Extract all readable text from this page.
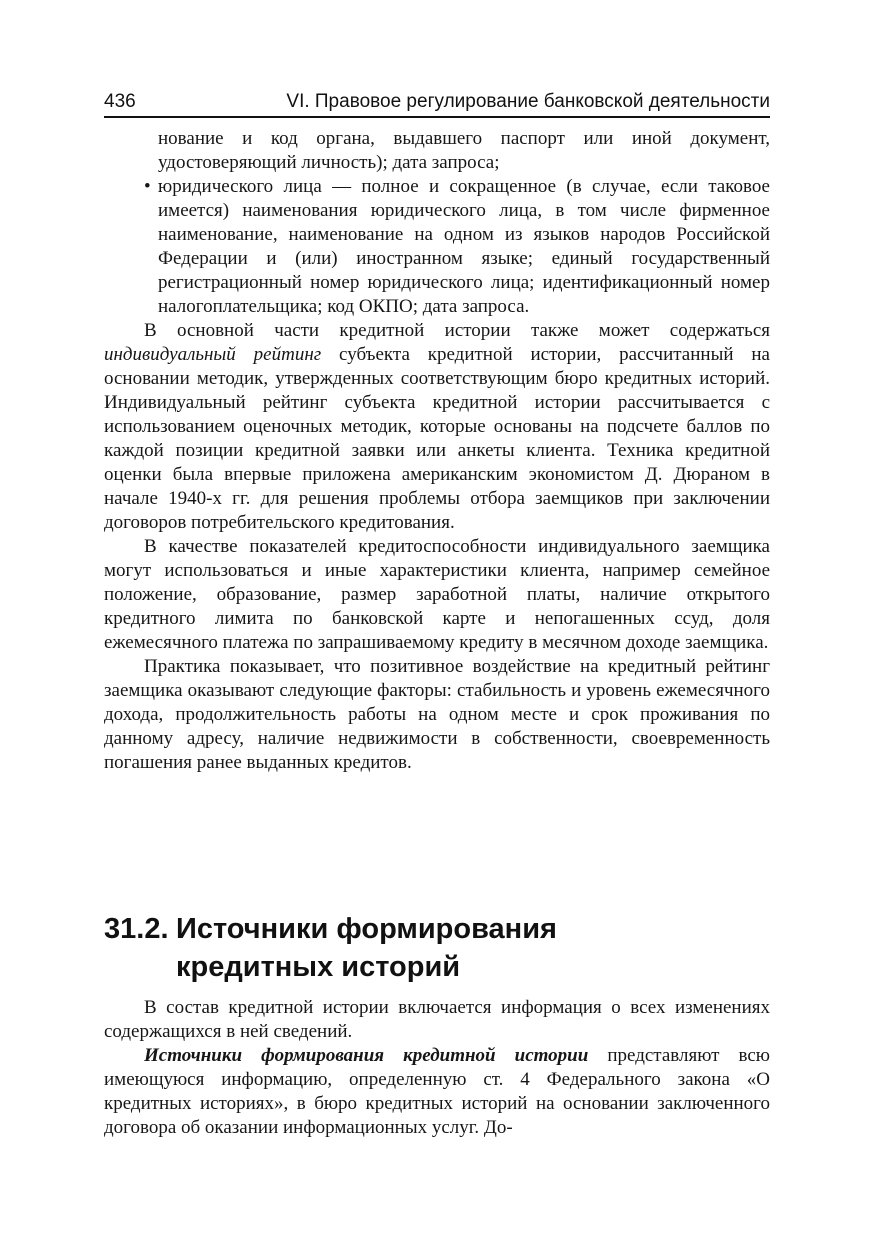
436	VI. Правовое регулирование банковской деятельности

нование и код органа, выдавшего паспорт или иной документ, удостоверяющий личность); дата запроса;

• юридического лица — полное и сокращенное (в случае, если таковое имеется) наименования юридического лица, в том числе фирменное наименование, наименование на одном из языков народов Российской Федерации и (или) иностранном языке; единый государственный регистрационный номер юридического лица; идентификационный номер налогоплательщика; код ОКПО; дата запроса.

В основной части кредитной истории также может содержаться индивидуальный рейтинг субъекта кредитной истории, рассчитанный на основании методик, утвержденных соответствующим бюро кредитных историй. Индивидуальный рейтинг субъекта кредитной истории рассчитывается с использованием оценочных методик, которые основаны на подсчете баллов по каждой позиции кредитной заявки или анкеты клиента. Техника кредитной оценки была впервые приложена американским экономистом Д. Дюраном в начале 1940-х гг. для решения проблемы отбора заемщиков при заключении договоров потребительского кредитования.

В качестве показателей кредитоспособности индивидуального заемщика могут использоваться и иные характеристики клиента, например семейное положение, образование, размер заработной платы, наличие открытого кредитного лимита по банковской карте и непогашенных ссуд, доля ежемесячного платежа по запрашиваемому кредиту в месячном доходе заемщика.

Практика показывает, что позитивное воздействие на кредитный рейтинг заемщика оказывают следующие факторы: стабильность и уровень ежемесячного дохода, продолжительность работы на одном месте и срок проживания по данному адресу, наличие недвижимости в собственности, своевременность погашения ранее выданных кредитов.

31.2. Источники формирования
кредитных историй

В состав кредитной истории включается информация о всех изменениях содержащихся в ней сведений.

Источники формирования кредитной истории представляют всю имеющуюся информацию, определенную ст. 4 Федерального закона «О кредитных историях», в бюро кредитных историй на основании заключенного договора об оказании информационных услуг. До-
